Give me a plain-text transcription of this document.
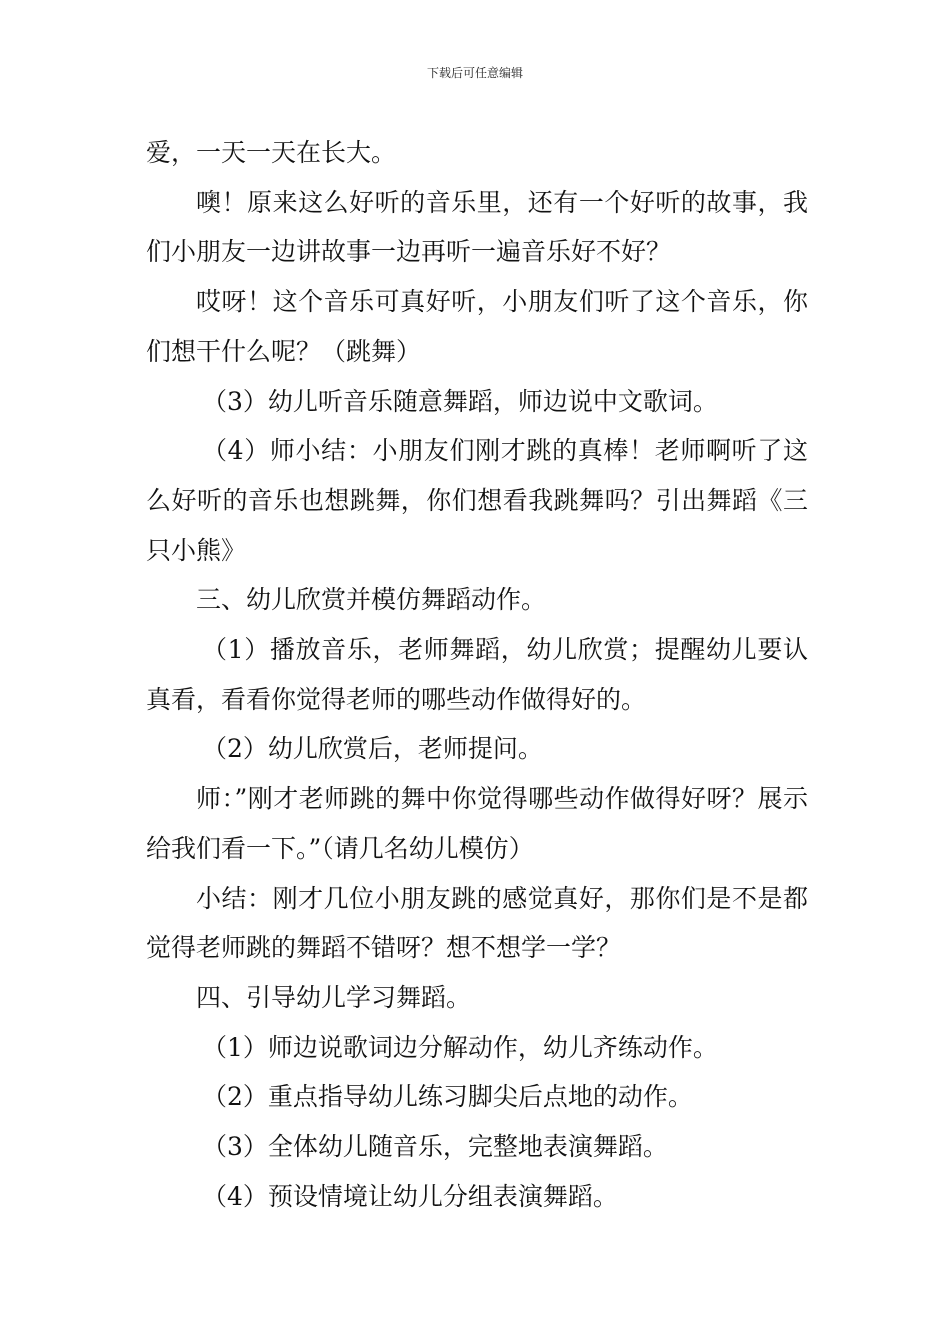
下载后可任意编辑

爱，一天一天在长大。

噢！原来这么好听的音乐里，还有一个好听的故事，我们小朋友一边讲故事一边再听一遍音乐好不好？

哎呀！这个音乐可真好听，小朋友们听了这个音乐，你们想干什么呢？（跳舞）

（3）幼儿听音乐随意舞蹈，师边说中文歌词。

（4）师小结：小朋友们刚才跳的真棒！老师啊听了这么好听的音乐也想跳舞，你们想看我跳舞吗？引出舞蹈《三只小熊》

三、幼儿欣赏并模仿舞蹈动作。

（1）播放音乐，老师舞蹈，幼儿欣赏；提醒幼儿要认真看，看看你觉得老师的哪些动作做得好的。

（2）幼儿欣赏后，老师提问。

师：”刚才老师跳的舞中你觉得哪些动作做得好呀？展示给我们看一下。”（请几名幼儿模仿）

小结：刚才几位小朋友跳的感觉真好，那你们是不是都觉得老师跳的舞蹈不错呀？想不想学一学？

四、引导幼儿学习舞蹈。

（1）师边说歌词边分解动作，幼儿齐练动作。

（2）重点指导幼儿练习脚尖后点地的动作。

（3）全体幼儿随音乐，完整地表演舞蹈。

（4）预设情境让幼儿分组表演舞蹈。
